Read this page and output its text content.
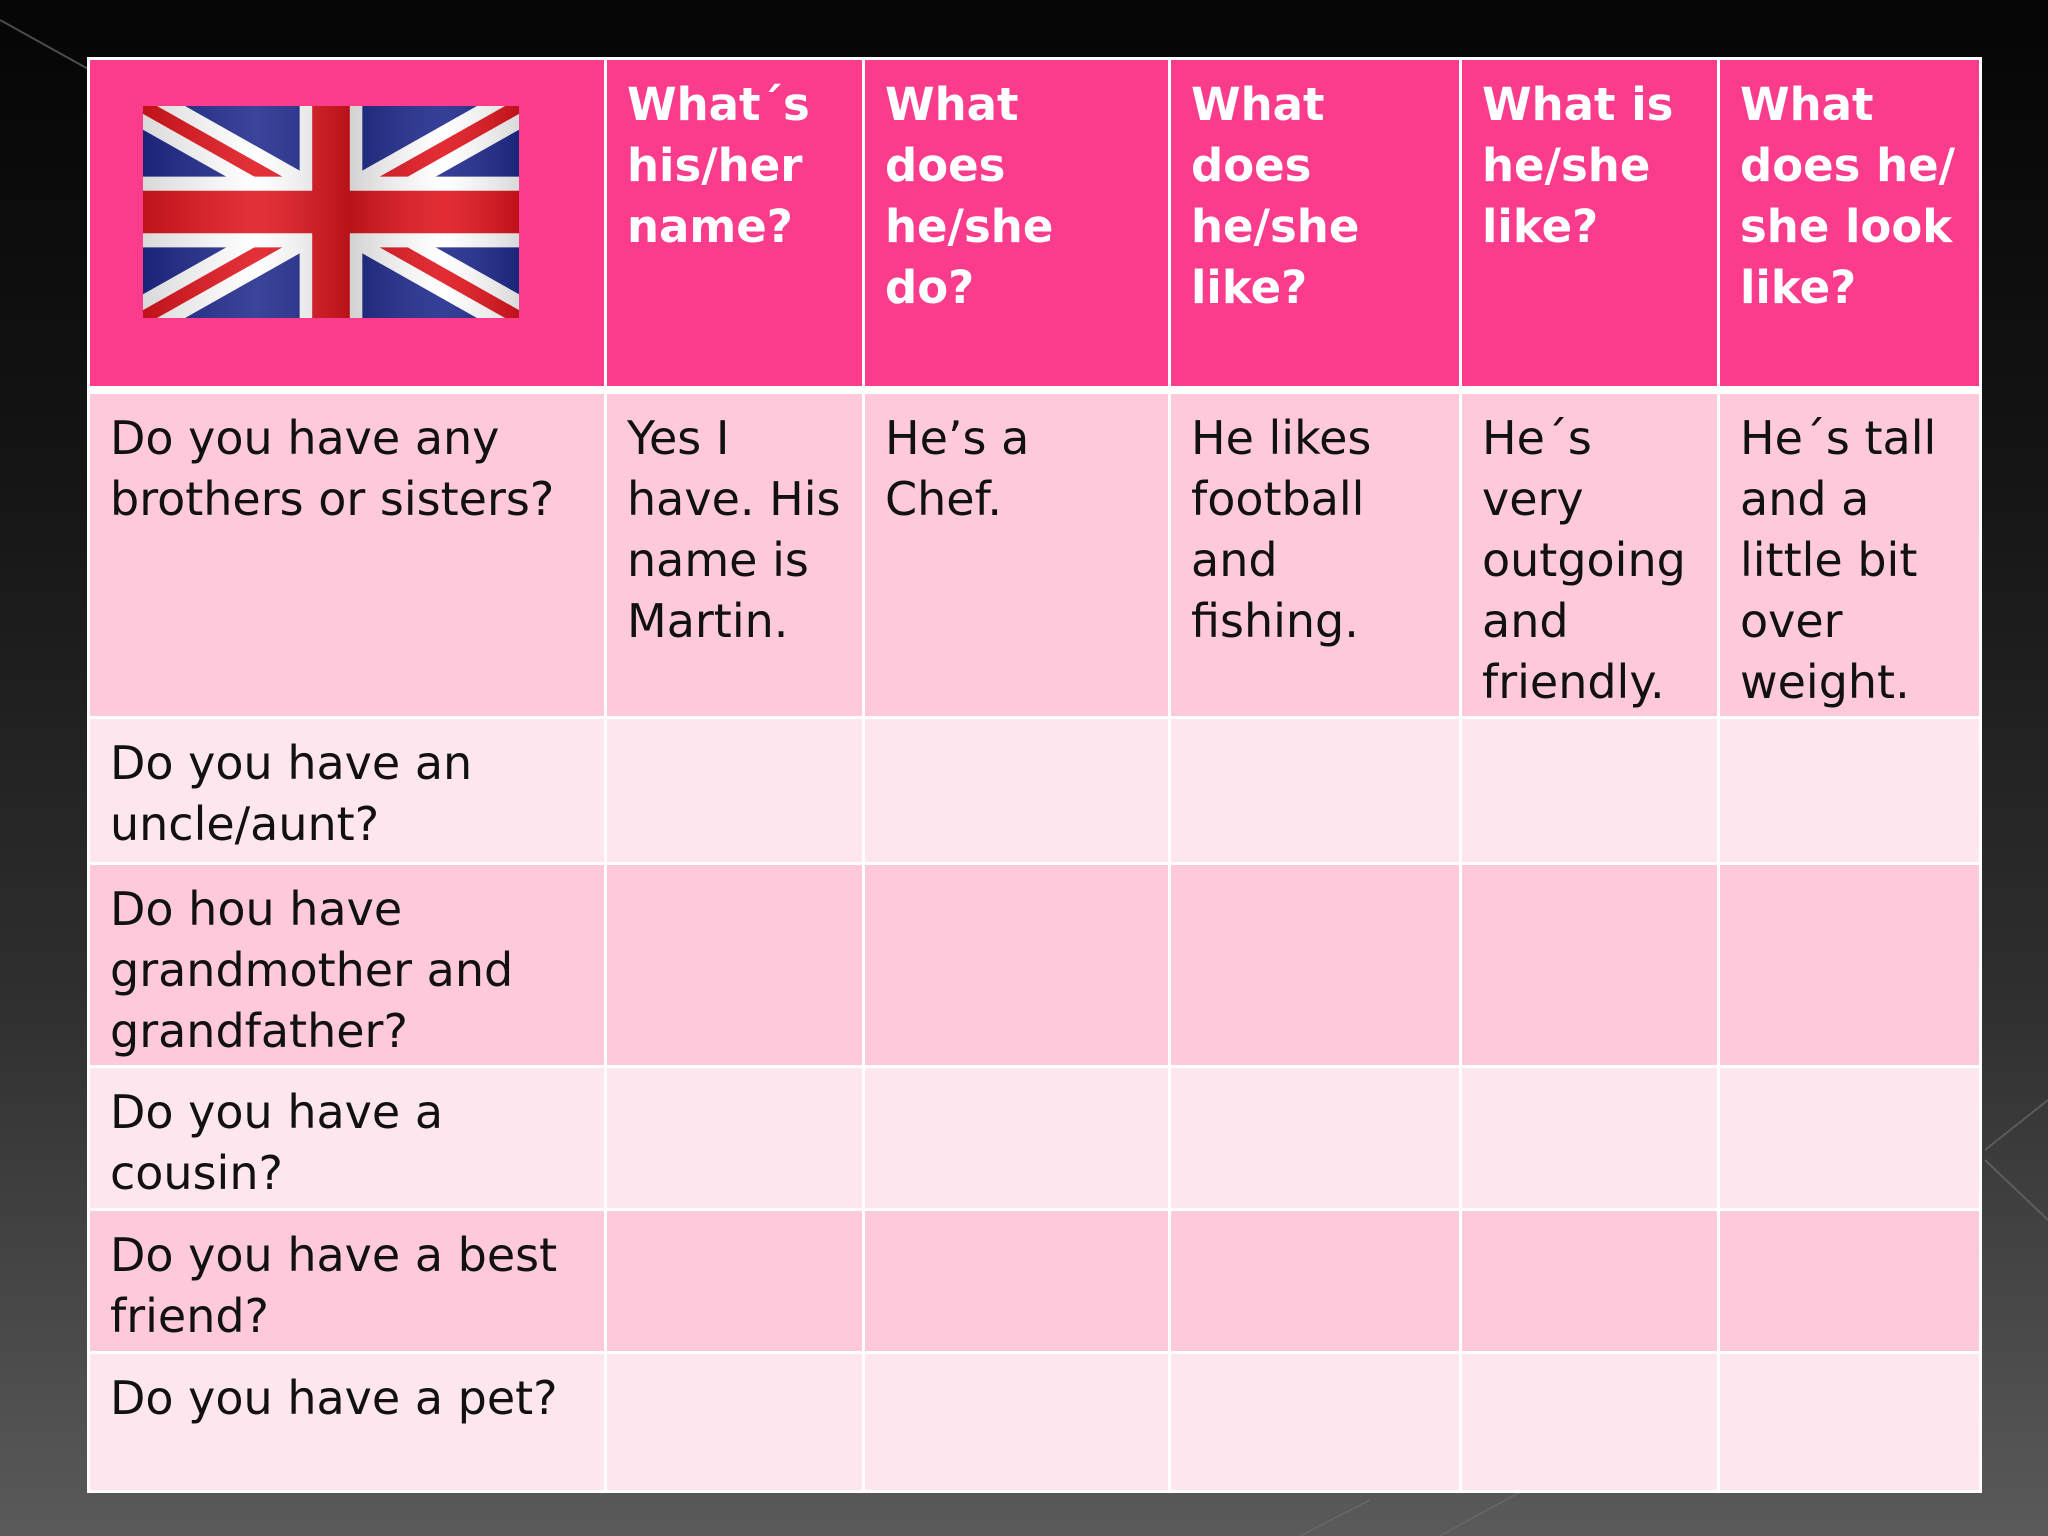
What´s his/her name?	What does he/she do?	What does he/she like?	What is he/she like?	What does he/ she look like?

Do you have any brothers or sisters?	Yes I have. His name is Martin.	He’s a Chef.	He likes football and fishing.	He´s very outgoing and friendly.	He´s tall and a little bit over weight.

Do you have an uncle/aunt?					

Do hou have grandmother and grandfather?					

Do you have a cousin?					

Do you have a best friend?					

Do you have a pet?					
